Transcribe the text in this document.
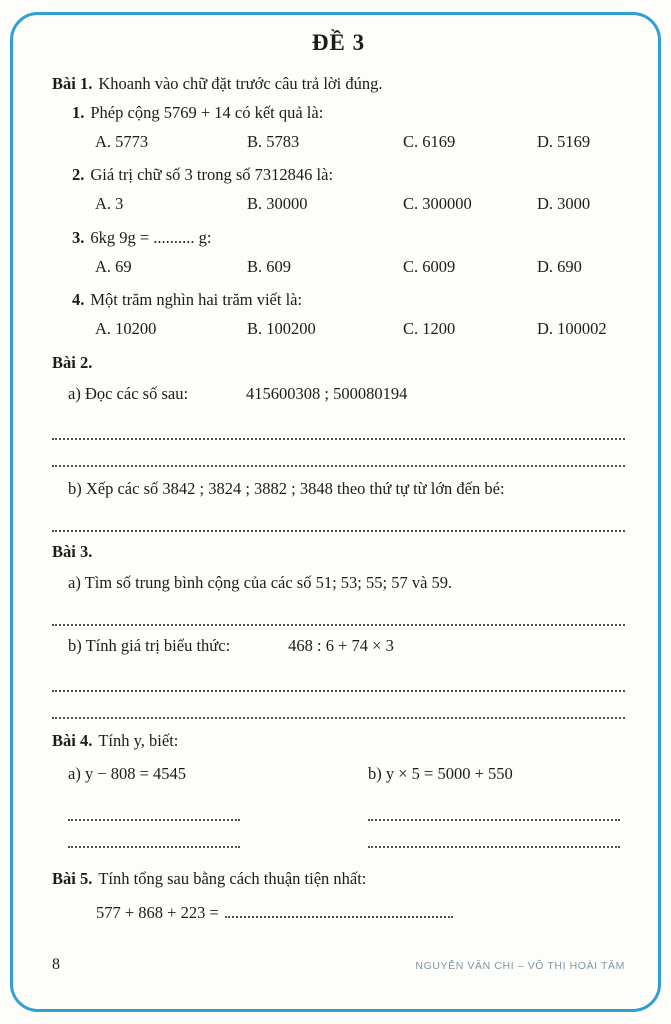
ĐỀ 3

Bài 1. Khoanh vào chữ đặt trước câu trả lời đúng.

1. Phép cộng 5769 + 14 có kết quả là:

A. 5773	B. 5783	C. 6169	D. 5169

2. Giá trị chữ số 3 trong số 7312846 là:

A. 3	B. 30000	C. 300000	D. 3000

3. 6kg 9g = .......... g:

A. 69	B. 609	C. 6009	D. 690

4. Một trăm nghìn hai trăm viết là:

A. 10200	B. 100200	C. 1200	D. 100002

Bài 2.

a) Đọc các số sau:	415600308 ; 500080194

b) Xếp các số 3842 ; 3824 ; 3882 ; 3848 theo thứ tự từ lớn đến bé:

Bài 3.

a) Tìm số trung bình cộng của các số 51; 53; 55; 57 và 59.

b) Tính giá trị biểu thức:	468 : 6 + 74 × 3

Bài 4. Tính y, biết:

a) y − 808 = 4545	b) y × 5 = 5000 + 550

Bài 5. Tính tổng sau bằng cách thuận tiện nhất:

577 + 868 + 223 =

8	NGUYỄN VĂN CHI – VÕ THỊ HOÀI TÂM
